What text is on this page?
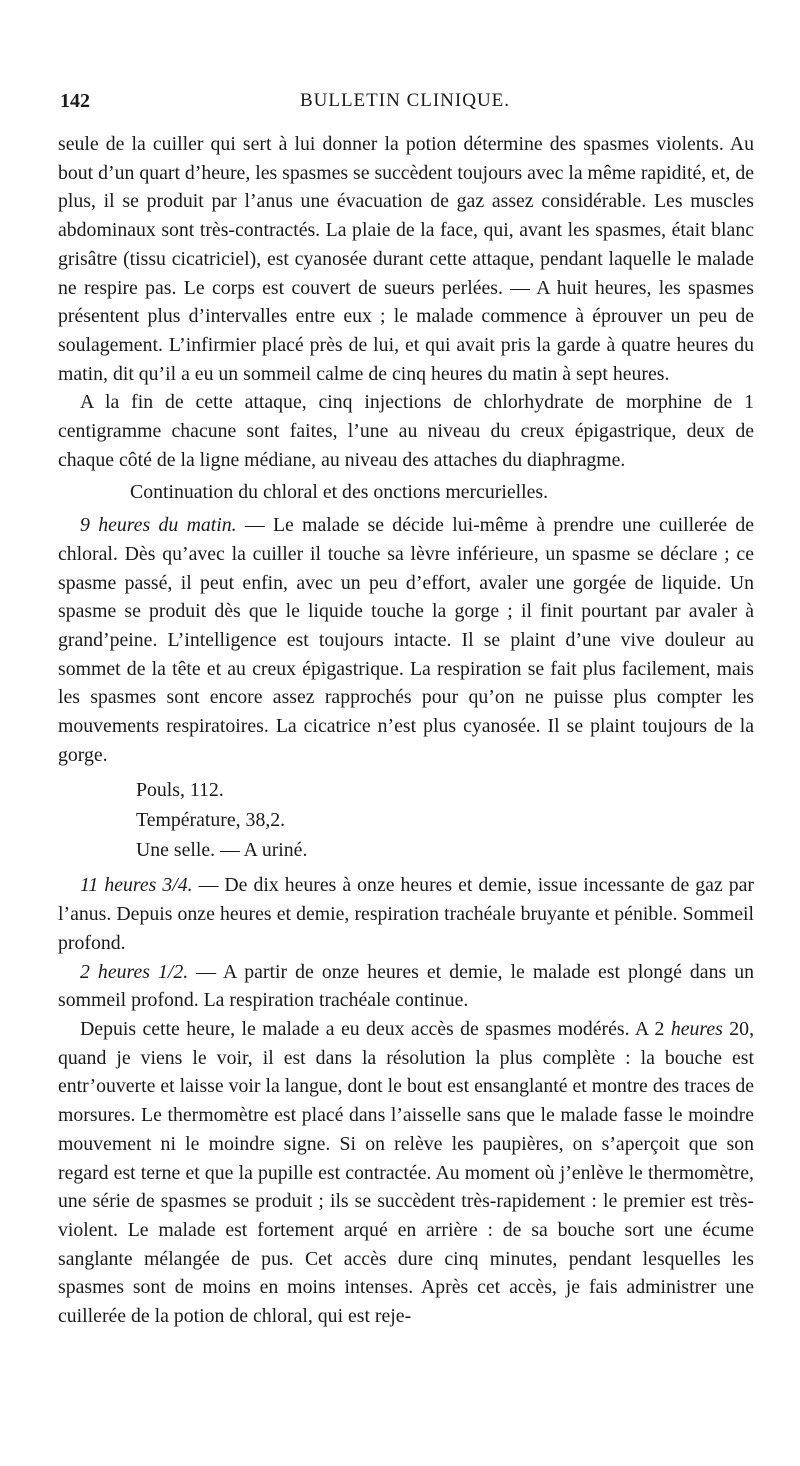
142	BULLETIN CLINIQUE.

seule de la cuiller qui sert à lui donner la potion détermine des spasmes violents. Au bout d’un quart d’heure, les spasmes se succèdent toujours avec la même rapidité, et, de plus, il se produit par l’anus une évacuation de gaz assez considérable. Les muscles abdominaux sont très-contractés. La plaie de la face, qui, avant les spasmes, était blanc grisâtre (tissu cicatriciel), est cyanosée durant cette attaque, pendant laquelle le malade ne respire pas. Le corps est couvert de sueurs perlées. — A huit heures, les spasmes présentent plus d’intervalles entre eux ; le malade commence à éprouver un peu de soulagement. L’infirmier placé près de lui, et qui avait pris la garde à quatre heures du matin, dit qu’il a eu un sommeil calme de cinq heures du matin à sept heures.

A la fin de cette attaque, cinq injections de chlorhydrate de morphine de 1 centigramme chacune sont faites, l’une au niveau du creux épigastrique, deux de chaque côté de la ligne médiane, au niveau des attaches du diaphragme.

Continuation du chloral et des onctions mercurielles.

9 heures du matin. — Le malade se décide lui-même à prendre une cuillerée de chloral. Dès qu’avec la cuiller il touche sa lèvre inférieure, un spasme se déclare ; ce spasme passé, il peut enfin, avec un peu d’effort, avaler une gorgée de liquide. Un spasme se produit dès que le liquide touche la gorge ; il finit pourtant par avaler à grand’peine. L’intelligence est toujours intacte. Il se plaint d’une vive douleur au sommet de la tête et au creux épigastrique. La respiration se fait plus facilement, mais les spasmes sont encore assez rapprochés pour qu’on ne puisse plus compter les mouvements respiratoires. La cicatrice n’est plus cyanosée. Il se plaint toujours de la gorge.

Pouls, 112.
Température, 38,2.
Une selle. — A uriné.

11 heures 3/4. — De dix heures à onze heures et demie, issue incessante de gaz par l’anus. Depuis onze heures et demie, respiration trachéale bruyante et pénible. Sommeil profond.

2 heures 1/2. — A partir de onze heures et demie, le malade est plongé dans un sommeil profond. La respiration trachéale continue.

Depuis cette heure, le malade a eu deux accès de spasmes modérés. A 2 heures 20, quand je viens le voir, il est dans la résolution la plus complète : la bouche est entr’ouverte et laisse voir la langue, dont le bout est ensanglanté et montre des traces de morsures. Le thermomètre est placé dans l’aisselle sans que le malade fasse le moindre mouvement ni le moindre signe. Si on relève les paupières, on s’aperçoit que son regard est terne et que la pupille est contractée. Au moment où j’enlève le thermomètre, une série de spasmes se produit ; ils se succèdent très-rapidement : le premier est très-violent. Le malade est fortement arqué en arrière : de sa bouche sort une écume sanglante mélangée de pus. Cet accès dure cinq minutes, pendant lesquelles les spasmes sont de moins en moins intenses. Après cet accès, je fais administrer une cuillerée de la potion de chloral, qui est reje-
